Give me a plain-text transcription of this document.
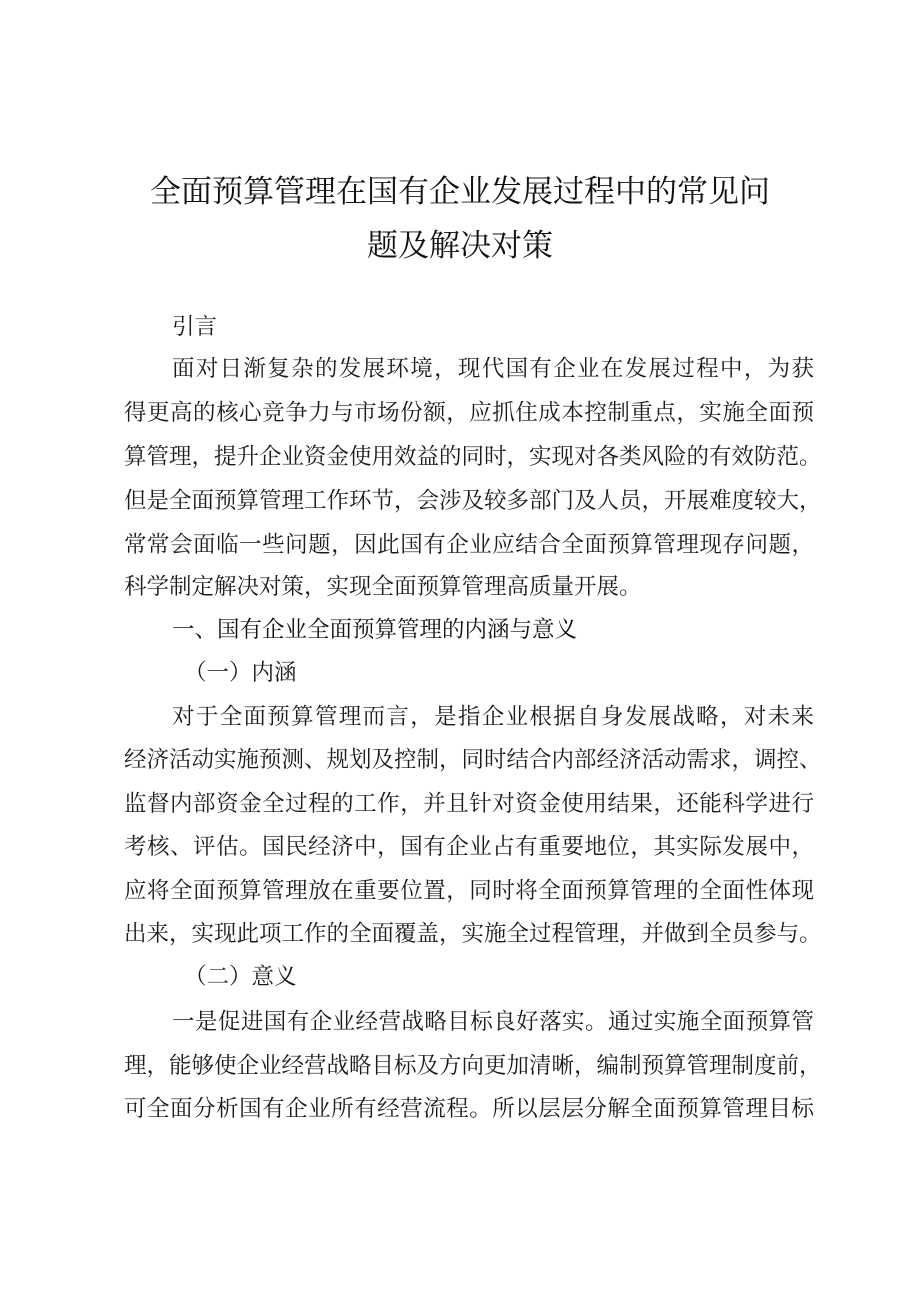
全面预算管理在国有企业发展过程中的常见问
题及解决对策
引言
面对日渐复杂的发展环境，现代国有企业在发展过程中，为获
得更高的核心竞争力与市场份额，应抓住成本控制重点，实施全面预
算管理，提升企业资金使用效益的同时，实现对各类风险的有效防范。
但是全面预算管理工作环节，会涉及较多部门及人员，开展难度较大，
常常会面临一些问题，因此国有企业应结合全面预算管理现存问题，
科学制定解决对策，实现全面预算管理高质量开展。
一、国有企业全面预算管理的内涵与意义
（一）内涵
对于全面预算管理而言，是指企业根据自身发展战略，对未来
经济活动实施预测、规划及控制，同时结合内部经济活动需求，调控、
监督内部资金全过程的工作，并且针对资金使用结果，还能科学进行
考核、评估。国民经济中，国有企业占有重要地位，其实际发展中，
应将全面预算管理放在重要位置，同时将全面预算管理的全面性体现
出来，实现此项工作的全面覆盖，实施全过程管理，并做到全员参与。
（二）意义
一是促进国有企业经营战略目标良好落实。通过实施全面预算管
理，能够使企业经营战略目标及方向更加清晰，编制预算管理制度前，
可全面分析国有企业所有经营流程。所以层层分解全面预算管理目标
